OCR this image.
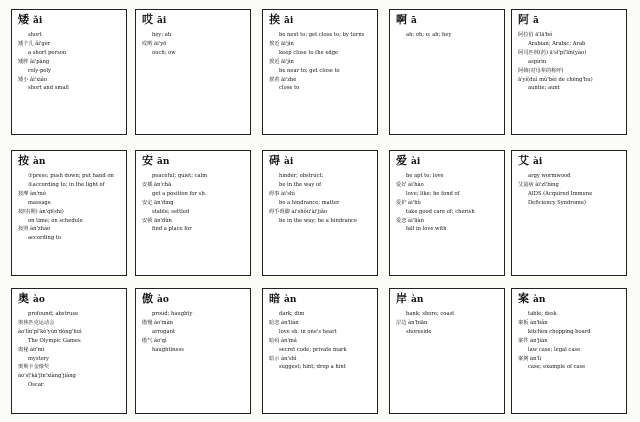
矮 ǎi
short
矮个儿 ǎi'gèr
a short person
矮胖 ǎi'pàng
roly-poly
矮小 ǎi'xiǎo
short and small
哎 āi
hey; ah
哎哟 āi'yō
ouch; ow
挨 āi
be next to; get close to; by turns
挨近 āi'jìn
keep close to the edge
挨近 āi'jìn
be near to; get close to
挨着 āi'zhe
close to
啊 ā
ah; oh; o; ah; hey
阿 ā
阿拉伯 ā'lā'bó
Arabian; Arabic; Arab
阿司匹林(药) ā'sī'pǐ'lín(yào)
aspirin
阿姨(对母辈的称呼)
ā'yí(duì mǔ'bèi de chēng'hu)
auntie; aunt
按 àn
①press; push down; put hand on
②according to; in the light of
按摩 àn'mó
massage
按时(期) àn'qī(shí)
on time; on schedule
按照 àn'zhào
according to
安 ān
peaceful; quiet; calm
安插 ān'chā
get a position for sb.
安定 ān'dìng
stable; settled
安顿 ān'dùn
find a place for
碍 ài
hinder; obstruct;
be in the way of
碍事 ài'shì
be a hindrance; matter
碍手碍脚 ài'shǒu'ài'jiǎo
be in the way; be a hindrance
爱 ài
be apt to; love
爱好 ài'hào
love; like; be fond of
爱护 ài'hù
take good care of; cherish
爱恋 ài'liàn
fall in love with
艾 ài
argy wormwood
艾滋病 ài'zī'bìng
AIDS (Acquired Immune
Deficiency Syndrome)
奥 ào
profound; abstruse
奥林匹克运动会
ào'lín'pǐ'kè'yùn'dòng'huì
The Olympic Games
奥秘 ào'mì
mystery
奥斯卡金像奖
ào'sī'kǎ'jīn'xiàng'jiǎng
Oscar
傲 ào
proud; haughty
傲慢 ào'màn
arrogant
傲气 ào'qì
haughtiness
暗 àn
dark; dim
暗恋 àn'liàn
love sb. in one's heart
暗码 àn'mǎ
secret code; private mark
暗示 àn'shì
suggest; hint; drop a hint
岸 àn
bank; shore; coast
岸边 àn'biān
shoreside
案 àn
table; desk
案板 àn'bǎn
kitchen chopping board
案件 àn'jiàn
law case; legal case
案例 àn'lì
case; example of case
